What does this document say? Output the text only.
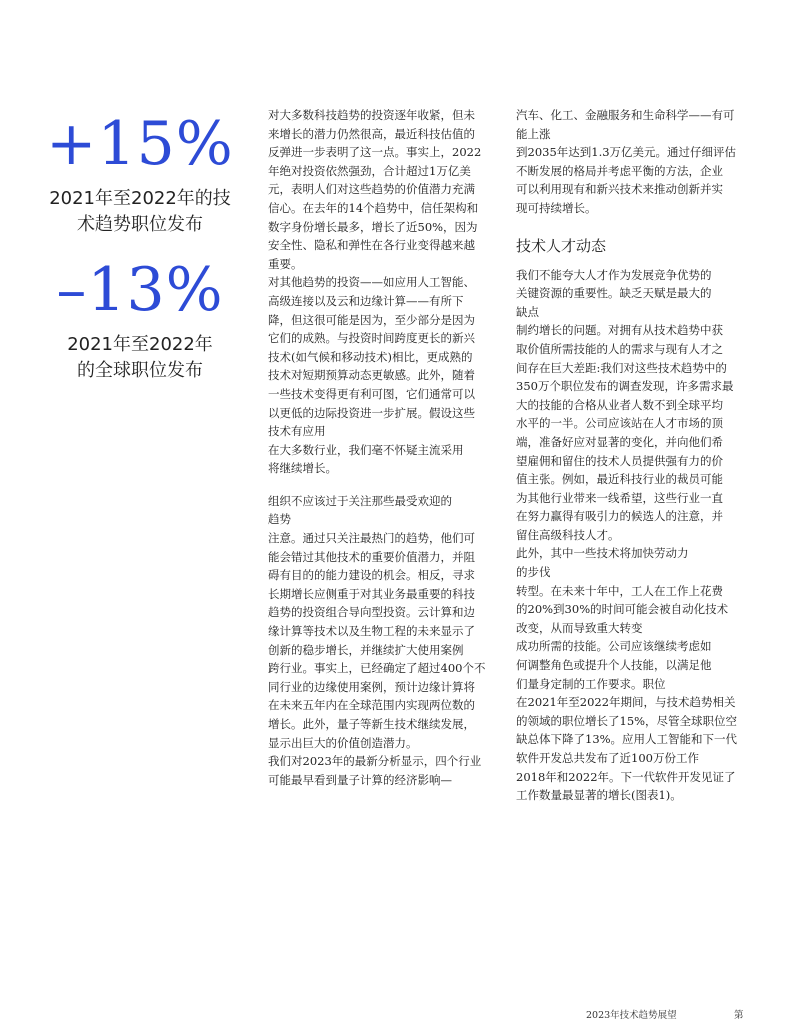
+15%
2021年至2022年的技
术趋势职位发布
–13%
2021年至2022年
的全球职位发布
对大多数科技趋势的投资逐年收紧，但未
来增长的潜力仍然很高，最近科技估值的
反弹进一步表明了这一点。事实上，2022
年绝对投资依然强劲，合计超过1万亿美
元，表明人们对这些趋势的价值潜力充满
信心。在去年的14个趋势中，信任架构和
数字身份增长最多，增长了近50%，因为
安全性、隐私和弹性在各行业变得越来越
重要。
对其他趋势的投资——如应用人工智能、
高级连接以及云和边缘计算——有所下
降，但这很可能是因为，至少部分是因为
它们的成熟。与投资时间跨度更长的新兴
技术(如气候和移动技术)相比，更成熟的
技术对短期预算动态更敏感。此外，随着
一些技术变得更有利可图，它们通常可以
以更低的边际投资进一步扩展。假设这些
技术有应用
在大多数行业，我们毫不怀疑主流采用
将继续增长。
组织不应该过于关注那些最受欢迎的
趋势
注意。通过只关注最热门的趋势，他们可
能会错过其他技术的重要价值潜力，并阻
碍有目的的能力建设的机会。相反，寻求
长期增长应侧重于对其业务最重要的科技
趋势的投资组合导向型投资。云计算和边
缘计算等技术以及生物工程的未来显示了
创新的稳步增长，并继续扩大使用案例
跨行业。事实上，已经确定了超过400个不
同行业的边缘使用案例，预计边缘计算将
在未来五年内在全球范围内实现两位数的
增长。此外，量子等新生技术继续发展，
显示出巨大的价值创造潜力。
我们对2023年的最新分析显示，四个行业
可能最早看到量子计算的经济影响—
汽车、化工、金融服务和生命科学——有可
能上涨
到2035年达到1.3万亿美元。通过仔细评估
不断发展的格局并考虑平衡的方法，企业
可以利用现有和新兴技术来推动创新并实
现可持续增长。
技术人才动态
我们不能夸大人才作为发展竞争优势的
关键资源的重要性。缺乏天赋是最大的
缺点
制约增长的问题。对拥有从技术趋势中获
取价值所需技能的人的需求与现有人才之
间存在巨大差距:我们对这些技术趋势中的
350万个职位发布的调查发现，许多需求最
大的技能的合格从业者人数不到全球平均
水平的一半。公司应该站在人才市场的顶
端，准备好应对显著的变化，并向他们希
望雇佣和留住的技术人员提供强有力的价
值主张。例如，最近科技行业的裁员可能
为其他行业带来一线希望，这些行业一直
在努力赢得有吸引力的候选人的注意，并
留住高级科技人才。
此外，其中一些技术将加快劳动力
的步伐
转型。在未来十年中，工人在工作上花费
的20%到30%的时间可能会被自动化技术
改变，从而导致重大转变
成功所需的技能。公司应该继续考虑如
何调整角色或提升个人技能，以满足他
们量身定制的工作要求。职位
在2021年至2022年期间，与技术趋势相关
的领域的职位增长了15%，尽管全球职位空
缺总体下降了13%。应用人工智能和下一代
软件开发总共发布了近100万份工作
2018年和2022年。下一代软件开发见证了
工作数量最显著的增长(图表1)。
2023年技术趋势展望	第
